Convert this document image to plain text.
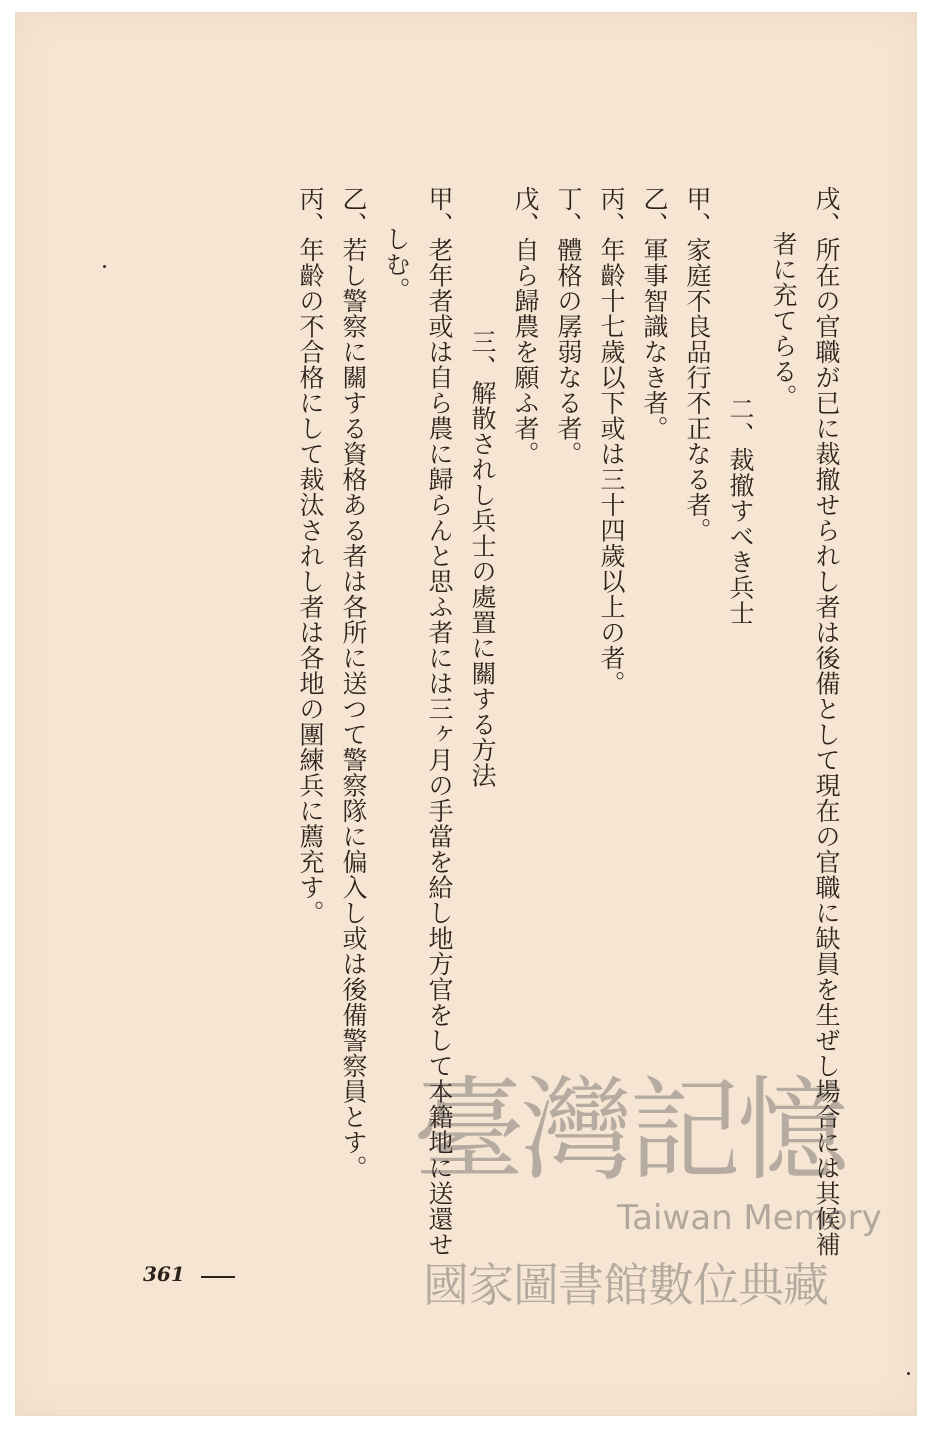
戌、所在の官職が已に裁撤せられし者は後備として現在の官職に缺員を生ぜし場合には其候補

者に充てらる。

二、裁撤すべき兵士

甲、家庭不良品行不正なる者。

乙、軍事智識なき者。

丙、年齡十七歲以下或は三十四歲以上の者。

丁、體格の孱弱なる者。

戊、自ら歸農を願ふ者。

三、解散されし兵士の處置に關する方法

甲、老年者或は自ら農に歸らんと思ふ者には三ヶ月の手當を給し地方官をして本籍地に送還せ

しむ。

乙、若し警察に關する資格ある者は各所に送つて警察隊に偏入し或は後備警察員とす。

丙、年齡の不合格にして裁汰されし者は各地の團練兵に薦充す。

361
臺灣記憶
Taiwan Memory
國家圖書館數位典藏
